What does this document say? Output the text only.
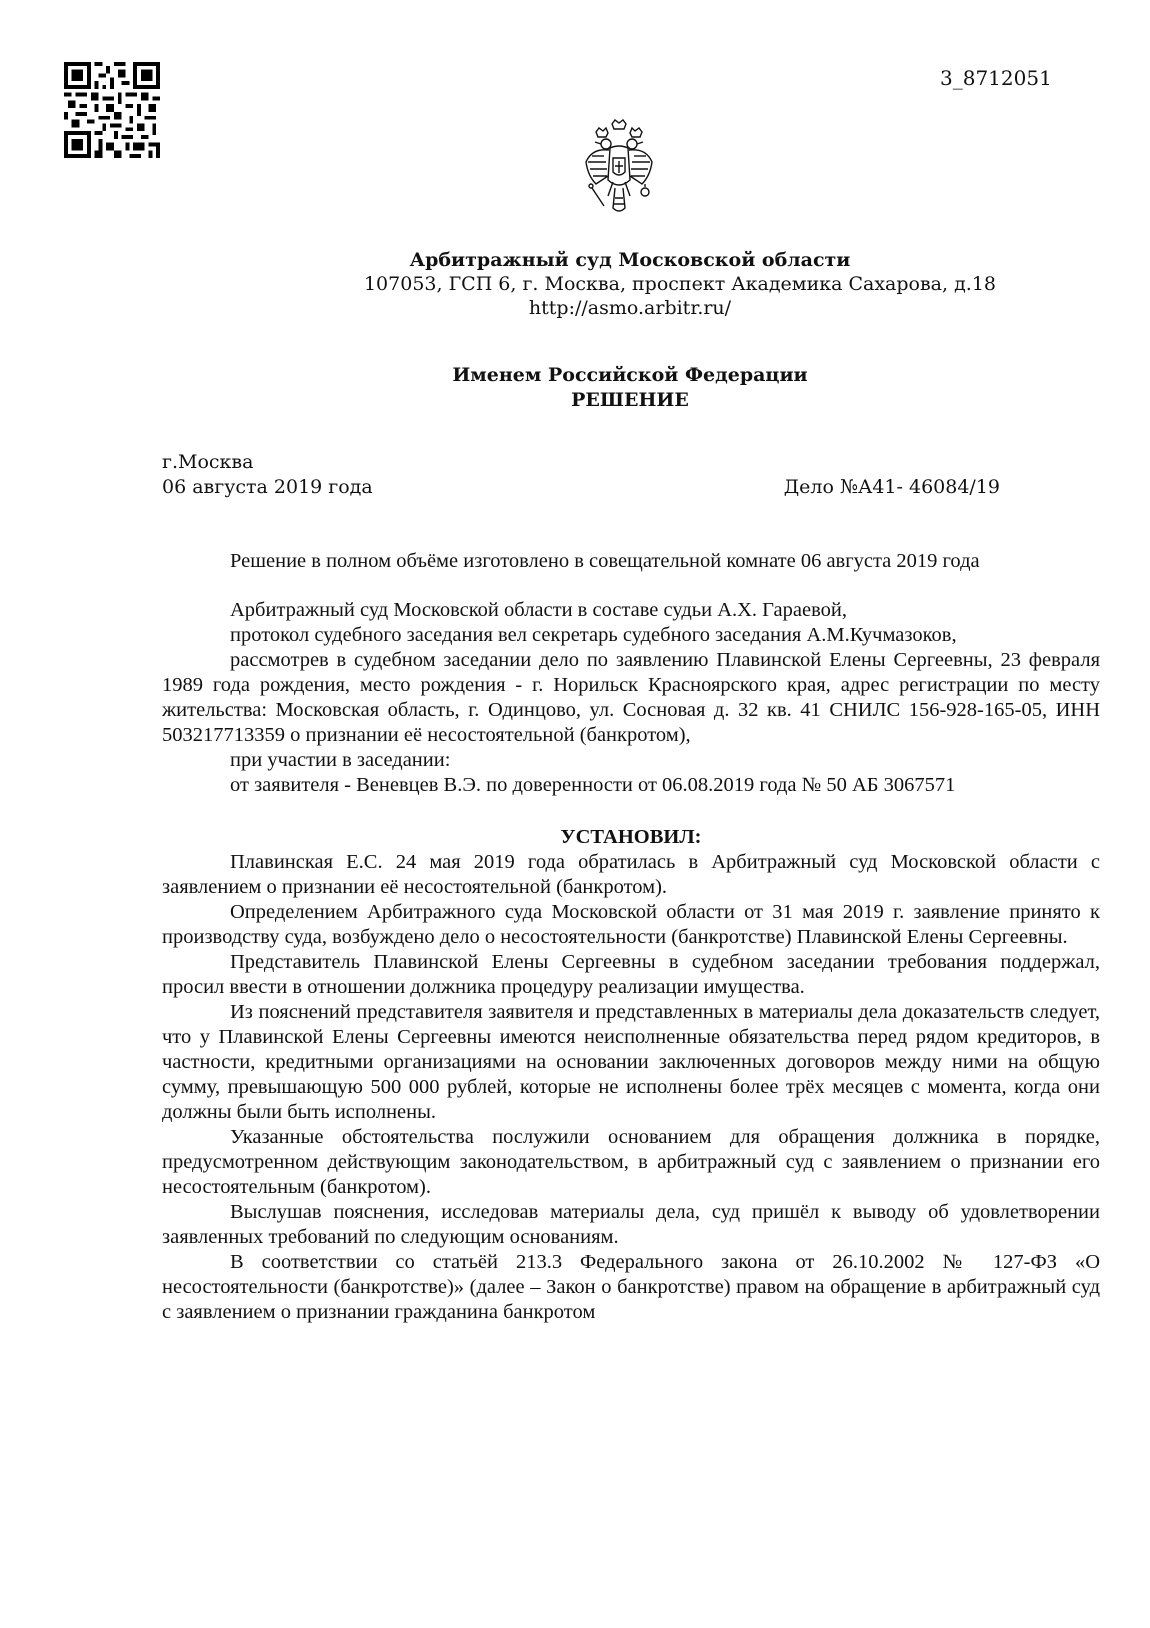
3_8712051
Арбитражный суд Московской области
107053, ГСП 6, г. Москва, проспект Академика Сахарова, д.18
http://asmo.arbitr.ru/
Именем Российской Федерации
РЕШЕНИЕ
г.Москва
06 августа 2019 года	Дело №А41- 46084/19

Решение в полном объёме изготовлено в совещательной комнате 06 августа 2019 года

Арбитражный суд Московской области в составе судьи А.Х. Гараевой,

протокол судебного заседания вел секретарь судебного заседания А.М.Кучмазоков,

рассмотрев в судебном заседании дело по заявлению Плавинской Елены Сергеевны, 23 февраля 1989 года рождения, место рождения - г. Норильск Красноярского края, адрес регистрации по месту жительства: Московская область, г. Одинцово, ул. Сосновая д. 32 кв. 41 СНИЛС 156-928-165-05, ИНН 503217713359 о признании её несостоятельной (банкротом),

при участии в заседании:

от заявителя - Веневцев В.Э. по доверенности от 06.08.2019 года № 50 АБ 3067571

УСТАНОВИЛ:

Плавинская Е.С. 24 мая 2019 года обратилась в Арбитражный суд Московской области с заявлением о признании её несостоятельной (банкротом).

Определением Арбитражного суда Московской области от 31 мая 2019 г. заявление принято к производству суда, возбуждено дело о несостоятельности (банкротстве) Плавинской Елены Сергеевны.

Представитель Плавинской Елены Сергеевны в судебном заседании требования поддержал, просил ввести в отношении должника процедуру реализации имущества.

Из пояснений представителя заявителя и представленных в материалы дела доказательств следует, что у Плавинской Елены Сергеевны имеются неисполненные обязательства перед рядом кредиторов, в частности, кредитными организациями на основании заключенных договоров между ними на общую сумму, превышающую 500 000 рублей, которые не исполнены более трёх месяцев с момента, когда они должны были быть исполнены.

Указанные обстоятельства послужили основанием для обращения должника в порядке, предусмотренном действующим законодательством, в арбитражный суд с заявлением о признании его несостоятельным (банкротом).

Выслушав пояснения, исследовав материалы дела, суд пришёл к выводу об удовлетворении заявленных требований по следующим основаниям.

В соответствии со статьёй 213.3 Федерального закона от 26.10.2002 № 127-ФЗ «О несостоятельности (банкротстве)» (далее – Закон о банкротстве) правом на обращение в арбитражный суд с заявлением о признании гражданина банкротом
